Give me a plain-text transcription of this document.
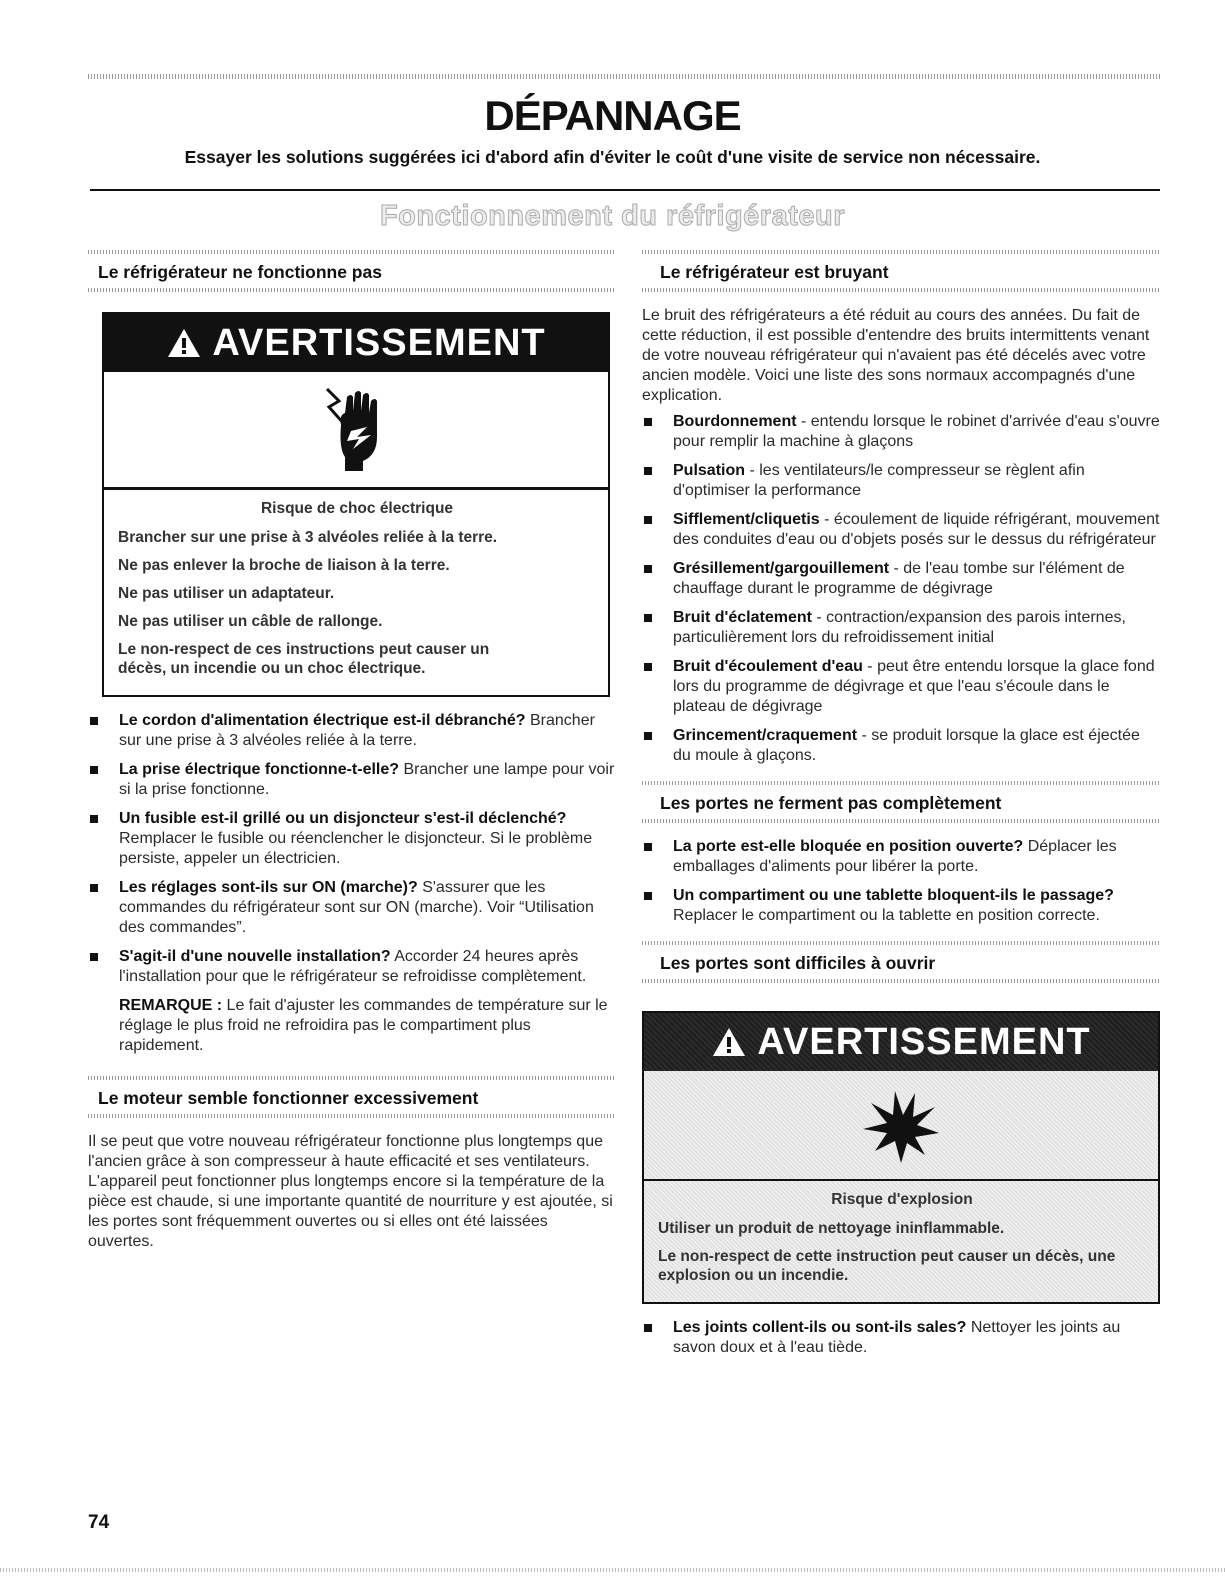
DÉPANNAGE
Essayer les solutions suggérées ici d'abord afin d'éviter le coût d'une visite de service non nécessaire.
Fonctionnement du réfrigérateur
Le réfrigérateur ne fonctionne pas
AVERTISSEMENT
Risque de choc électrique
Brancher sur une prise à 3 alvéoles reliée à la terre.
Ne pas enlever la broche de liaison à la terre.
Ne pas utiliser un adaptateur.
Ne pas utiliser un câble de rallonge.
Le non-respect de ces instructions peut causer un décès, un incendie ou un choc électrique.
Le cordon d'alimentation électrique est-il débranché? Brancher sur une prise à 3 alvéoles reliée à la terre.
La prise électrique fonctionne-t-elle? Brancher une lampe pour voir si la prise fonctionne.
Un fusible est-il grillé ou un disjoncteur s'est-il déclenché? Remplacer le fusible ou réenclencher le disjoncteur. Si le problème persiste, appeler un électricien.
Les réglages sont-ils sur ON (marche)? S'assurer que les commandes du réfrigérateur sont sur ON (marche). Voir “Utilisation des commandes”.
S'agit-il d'une nouvelle installation? Accorder 24 heures après l'installation pour que le réfrigérateur se refroidisse complètement.

REMARQUE : Le fait d'ajuster les commandes de température sur le réglage le plus froid ne refroidira pas le compartiment plus rapidement.

Le moteur semble fonctionner excessivement

Il se peut que votre nouveau réfrigérateur fonctionne plus longtemps que l'ancien grâce à son compresseur à haute efficacité et ses ventilateurs. L'appareil peut fonctionner plus longtemps encore si la température de la pièce est chaude, si une importante quantité de nourriture y est ajoutée, si les portes sont fréquemment ouvertes ou si elles ont été laissées ouvertes.

Le réfrigérateur est bruyant

Le bruit des réfrigérateurs a été réduit au cours des années. Du fait de cette réduction, il est possible d'entendre des bruits intermittents venant de votre nouveau réfrigérateur qui n'avaient pas été décelés avec votre ancien modèle. Voici une liste des sons normaux accompagnés d'une explication.

Bourdonnement - entendu lorsque le robinet d'arrivée d'eau s'ouvre pour remplir la machine à glaçons
Pulsation - les ventilateurs/le compresseur se règlent afin d'optimiser la performance
Sifflement/cliquetis - écoulement de liquide réfrigérant, mouvement des conduites d'eau ou d'objets posés sur le dessus du réfrigérateur
Grésillement/gargouillement - de l'eau tombe sur l'élément de chauffage durant le programme de dégivrage
Bruit d'éclatement - contraction/expansion des parois internes, particulièrement lors du refroidissement initial
Bruit d'écoulement d'eau - peut être entendu lorsque la glace fond lors du programme de dégivrage et que l'eau s'écoule dans le plateau de dégivrage
Grincement/craquement - se produit lorsque la glace est éjectée du moule à glaçons.
Les portes ne ferment pas complètement
La porte est-elle bloquée en position ouverte? Déplacer les emballages d'aliments pour libérer la porte.
Un compartiment ou une tablette bloquent-ils le passage? Replacer le compartiment ou la tablette en position correcte.
Les portes sont difficiles à ouvrir
AVERTISSEMENT
Risque d'explosion
Utiliser un produit de nettoyage ininflammable.
Le non-respect de cette instruction peut causer un décès, une explosion ou un incendie.
Les joints collent-ils ou sont-ils sales? Nettoyer les joints au savon doux et à l'eau tiède.
74
